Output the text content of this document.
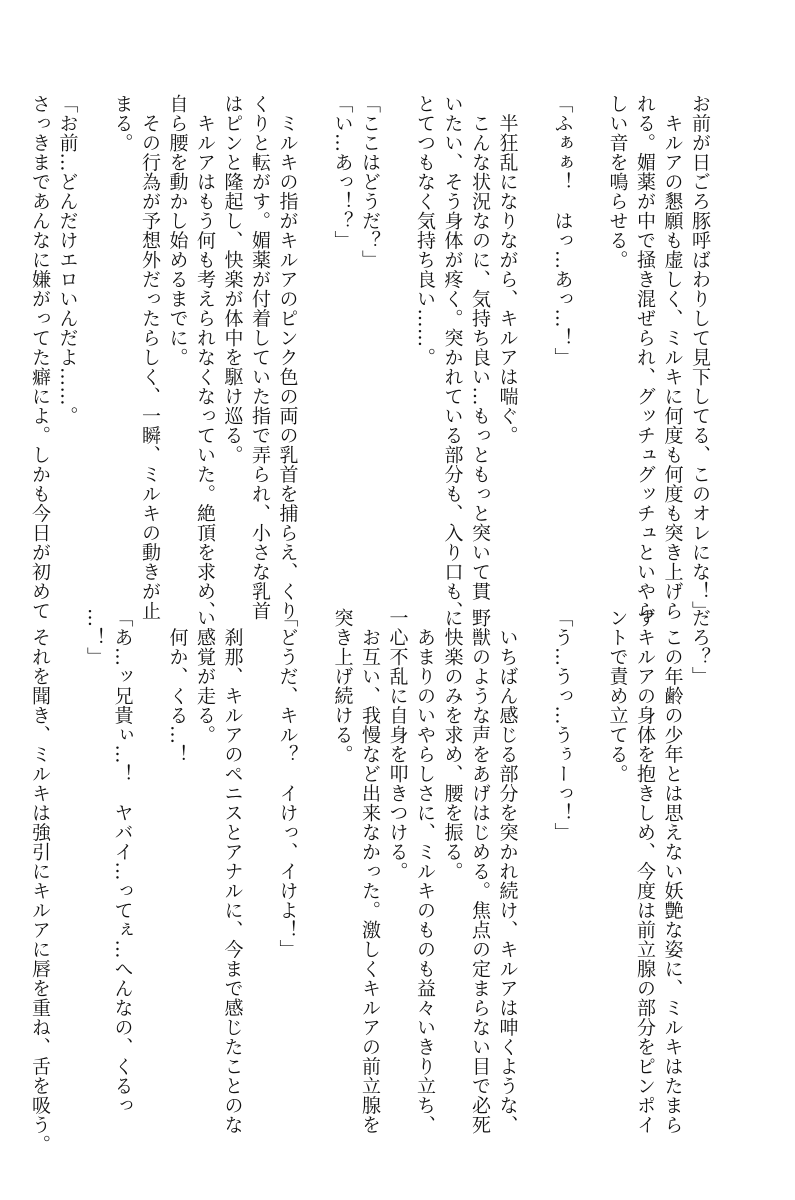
お前が日ごろ豚呼ばわりして見下してる、このオレにな！」
　キルアの懇願も虚しく、ミルキに何度も何度も突き上げら
れる。媚薬が中で掻き混ぜられ、グッチュグッチュといやら
しい音を鳴らせる。

「ふぁぁ！　はっ…あっ…！」

　半狂乱になりながら、キルアは喘ぐ。
　こんな状況なのに、気持ち良い…もっともっと突いて貫
いたい、そう身体が疼く。突かれている部分も、入り口も、
とてつもなく気持ち良い……。

「ここはどうだ？」
「い…あっ！？」

　ミルキの指がキルアのピンク色の両の乳首を捕らえ、くり
くりと転がす。媚薬が付着していた指で弄られ、小さな乳首
はピンと隆起し、快楽が体中を駆け巡る。
　キルアはもう何も考えられなくなっていた。絶頂を求め、
自ら腰を動かし始めるまでに。
　その行為が予想外だったらしく、一瞬、ミルキの動きが止
まる。

「お前…どんだけエロいんだよ……。
さっきまであんなに嫌がってた癖によ。しかも今日が初めて
だろ？」
　この年齢の少年とは思えない妖艶な姿に、ミルキはたまら
ずキルアの身体を抱きしめ、今度は前立腺の部分をピンポイ
ントで責め立てる。

「う…うっ…うぅーっ！」

　いちばん感じる部分を突かれ続け、キルアは呻くような、
野獣のような声をあげはじめる。焦点の定まらない目で必死
に快楽のみを求め、腰を振る。
　あまりのいやらしさに、ミルキのものも益々いきり立ち、
一心不乱に自身を叩きつける。
　お互い、我慢など出来なかった。激しくキルアの前立腺を
突き上げ続ける。

「どうだ、キル？　イけっ、イけよ！」

　刹那、キルアのペニスとアナルに、今まで感じたことのな
い感覚が走る。
　何か、くる…！

「あ…ッ兄貴ぃ…！　ヤバイ…ってぇ…へんなの、くるっ
…！」

　それを聞き、ミルキは強引にキルアに唇を重ね、舌を吸う。
